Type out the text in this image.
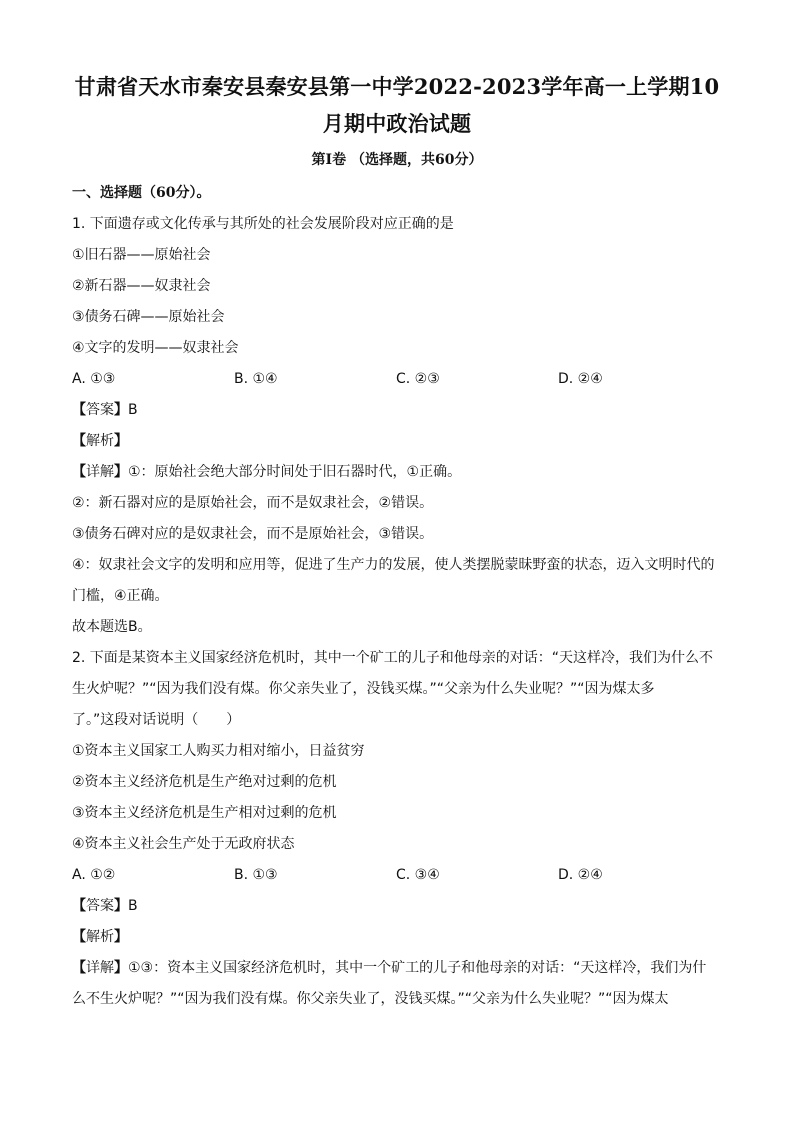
甘肃省天水市秦安县秦安县第一中学2022-2023学年高一上学期10

月期中政治试题

第Ⅰ卷 （选择题，共60分）

一、选择题（60分）。

1. 下面遗存或文化传承与其所处的社会发展阶段对应正确的是

①旧石器——原始社会

②新石器——奴隶社会

③债务石碑——原始社会

④文字的发明——奴隶社会

A. ①③	B. ①④	C. ②③	D. ②④

【答案】B

【解析】

【详解】①：原始社会绝大部分时间处于旧石器时代，①正确。

②：新石器对应的是原始社会，而不是奴隶社会，②错误。

③债务石碑对应的是奴隶社会，而不是原始社会，③错误。

④：奴隶社会文字的发明和应用等，促进了生产力的发展，使人类摆脱蒙昧野蛮的状态，迈入文明时代的

门槛，④正确。

故本题选B。

2. 下面是某资本主义国家经济危机时，其中一个矿工的儿子和他母亲的对话：“天这样冷，我们为什么不

生火炉呢？”“因为我们没有煤。你父亲失业了，没钱买煤。”“父亲为什么失业呢？”“因为煤太多

了。”这段对话说明（　　）

①资本主义国家工人购买力相对缩小，日益贫穷

②资本主义经济危机是生产绝对过剩的危机

③资本主义经济危机是生产相对过剩的危机

④资本主义社会生产处于无政府状态

A. ①②	B. ①③	C. ③④	D. ②④

【答案】B

【解析】

【详解】①③：资本主义国家经济危机时，其中一个矿工的儿子和他母亲的对话：“天这样冷，我们为什

么不生火炉呢？”“因为我们没有煤。你父亲失业了，没钱买煤。”“父亲为什么失业呢？”“因为煤太
